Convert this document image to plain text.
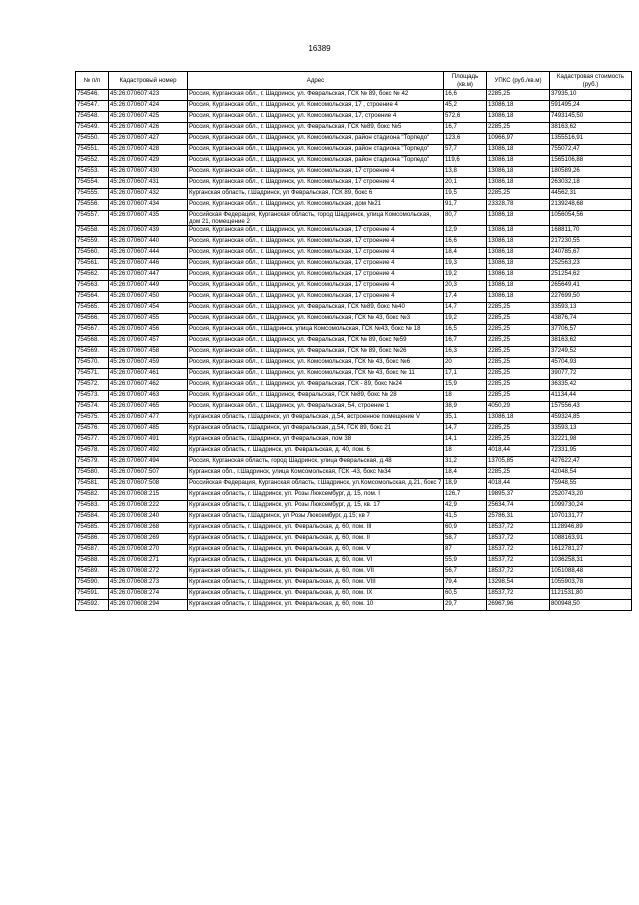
16389
№ п/п	Кадастровый номер	Адрес	Площадь (кв.м)	УПКС (руб./кв.м)	Кадастровая стоимость (руб.)
754546.	45:26:070607:423	Россия, Курганская обл., г. Шадринск, ул. Февральская, ГСК № 89, бокс № 42	16,6	2285,25	37935,10
754547.	45:26:070607:424	Россия, Курганская обл., г. Шадринск, ул. Комсомольская, 17 , строение 4	45,2	13086,18	591495,24
754548.	45:26:070607:425	Россия, Курганская обл., г. Шадринск, ул. Комсомольская, 17, строение 4	572,6	13086,18	7493145,50
754549.	45:26:070607:426	Россия, Курганская обл., г. Шадринск, ул. Февральская, ГСК №89, бокс №5	16,7	2285,25	38163,62
754550.	45:26:070607:427	Россия, Курганская обл., г. Шадринск, ул. Комсомольская, район стадиона "Торпедо"	123,6	10966,97	1355516,91
754551.	45:26:070607:428	Россия, Курганская обл., г. Шадринск, ул. Комсомольская, район стадиона "Торпедо"	57,7	13086,18	755072,47
754552.	45:26:070607:429	Россия, Курганская обл., г. Шадринск, ул. Комсомольская, район стадиона "Торпедо"	119,6	13086,18	1565106,88
754553.	45:26:070607:430	Россия, Курганская обл., г. Шадринск, ул. Комсомольская, 17 строение 4	13,8	13086,18	180589,26
754554.	45:26:070607:431	Россия, Курганская обл., г. Шадринск, ул. Комсомольская, 17 строение 4	20,1	13086,18	263032,18
754555.	45:26:070607:432	Курганская область, г.Шадринск, ул Февральская, ГСК 89, бокс 6	19,5	2285,25	44562,31
754556.	45:26:070607:434	Россия, Курганская обл., г. Шадринск, ул. Комсомольская, дом №21	91,7	23328,78	2139248,68
754557.	45:26:070607:435	Российская Федерация, Курганская область, город Шадринск, улица Комсомольская, дом 21, помещение 2	80,7	13086,18	1056054,56
754558.	45:26:070607:439	Россия, Курганская обл., г. Шадринск, ул. Комсомольская, 17 строение 4	12,9	13086,18	168811,70
754559.	45:26:070607:440	Россия, Курганская обл., г. Шадринск, ул. Комсомольская, 17 строение 4	16,6	13086,18	217230,55
754560.	45:26:070607:444	Россия, Курганская обл., г. Шадринск, ул. Комсомольская, 17 строение 4	18,4	13086,18	240785,67
754561.	45:26:070607:446	Россия, Курганская обл., г. Шадринск, ул. Комсомольская, 17 строение 4	19,3	13086,18	252563,23
754562.	45:26:070607:447	Россия, Курганская обл., г. Шадринск, ул. Комсомольская, 17 строение 4	19,2	13086,18	251254,62
754563.	45:26:070607:449	Россия, Курганская обл., г. Шадринск, ул. Комсомольская, 17 строение 4	20,3	13086,18	265649,41
754564.	45:26:070607:450	Россия, Курганская обл., г. Шадринск, ул. Комсомольская, 17 строение 4	17,4	13086,18	227699,50
754565.	45:26:070607:454	Россия, Курганская обл., г. Шадринск, ул. Февральская, ГСК №89, бокс №40	14,7	2285,25	33593,13
754566.	45:26:070607:455	Россия, Курганская обл., г. Шадринск, ул. Комсомольская, ГСК № 43, бокс №3	19,2	2285,25	43876,74
754567.	45:26:070607:456	Россия, Курганская обл., г.Шадринск, улица Комсомольская, ГСК №43, бокс № 18	16,5	2285,25	37706,57
754568.	45:26:070607:457	Россия, Курганская обл., г. Шадринск, ул. Февральская, ГСК № 89, бокс №59	16,7	2285,25	38163,62
754569.	45:26:070607:458	Россия, Курганская обл., г. Шадринск, ул. Февральская, ГСК № 89, бокс №26	16,3	2285,25	37249,52
754570.	45:26:070607:459	Россия, Курганская обл., г. Шадринск, ул. Комсомольская, ГСК № 43, бокс №6	20	2285,25	45704,93
754571.	45:26:070607:461	Россия, Курганская обл., г. Шадринск, ул. Комсомольская, ГСК № 43, бокс № 11	17,1	2285,25	39077,72
754572.	45:26:070607:462	Россия, Курганская обл., г. Шадринск, ул. Февральская, ГСК - 89, бокс №24	15,9	2285,25	36335,42
754573.	45:26:070607:463	Россия, Курганская обл., г. Шадринск, Февральская, ГСК №89, бокс № 28	18	2285,25	41134,44
754574.	45:26:070607:465	Россия, Курганская обл., г. Шадринск, ул. Февральская, 54, строение 1	38,9	4050,29	157556,43
754575.	45:26:070607:477	Курганская область, г.Шадринск, ул Февральская, д.54, встроенное помещение V	35,1	13086,18	459324,85
754576.	45:26:070607:485	Курганская область, г.Шадринск, ул Февральская, д.54, ГСК 89, бокс 21	14,7	2285,25	33593,13
754577.	45:26:070607:491	Курганская область, г.Шадринск, ул Февральская, пом 38	14,1	2285,25	32221,98
754578.	45:26:070607:492	Курганская область, г. Шадринск, ул. Февральская, д. 40, пом. 6	18	4018,44	72331,95
754579.	45:26:070607:494	Россия, Курганская область, город Шадринск, улица Февральская, д.48	31,2	13705,85	427622,47
754580.	45:26:070607:507	Курганская обл., г.Шадринск, улица Комсомольская, ГСК -43, бокс №34	18,4	2285,25	42048,54
754581.	45:26:070607:508	Российская Федерация, Курганская область, г.Шадринск, ул.Комсомольская, д.21, бокс 7	18,9	4018,44	75948,55
754582.	45:26:070608:215	Курганская область, г. Шадринск, ул. Розы Люксембург, д. 15, пом. I	126,7	19895,37	2520743,20
754583.	45:26:070608:222	Курганская область, г. Шадринск, ул. Розы Люксембург, д. 15, кв. 17	42,9	25634,74	1099730,24
754584.	45:26:070608:240	Курганская область, г.Шадринск, ул Розы Люксембург, д.15; кв 7	41,5	25786,31	1070131,77
754585.	45:26:070608:268	Курганская область, г. Шадринск, ул. Февральская, д. 60, пом. III	60,9	18537,72	1128946,89
754586.	45:26:070608:269	Курганская область, г. Шадринск, ул. Февральская, д. 60, пом. II	58,7	18537,72	1088163,91
754587.	45:26:070608:270	Курганская область, г. Шадринск, ул. Февральская, д. 60, пом. V	87	18537,72	1612781,27
754588.	45:26:070608:271	Курганская область, г. Шадринск, ул. Февральская, д. 60, пом. VI	55,9	18537,72	1036258,31
754589.	45:26:070608:272	Курганская область, г. Шадринск, ул. Февральская, д. 60, пом. VII	56,7	18537,72	1051088,48
754590.	45:26:070608:273	Курганская область, г. Шадринск, ул. Февральская, д. 60, пом. VIII	79,4	13298,54	1055903,78
754591.	45:26:070608:274	Курганская область, г. Шадринск, ул. Февральская, д. 60, пом. IX	60,5	18537,72	1121531,80
754592.	45:26:070608:294	Курганская область, г. Шадринск, ул. Февральская, д. 60, пом. 10	29,7	26967,96	800948,50
